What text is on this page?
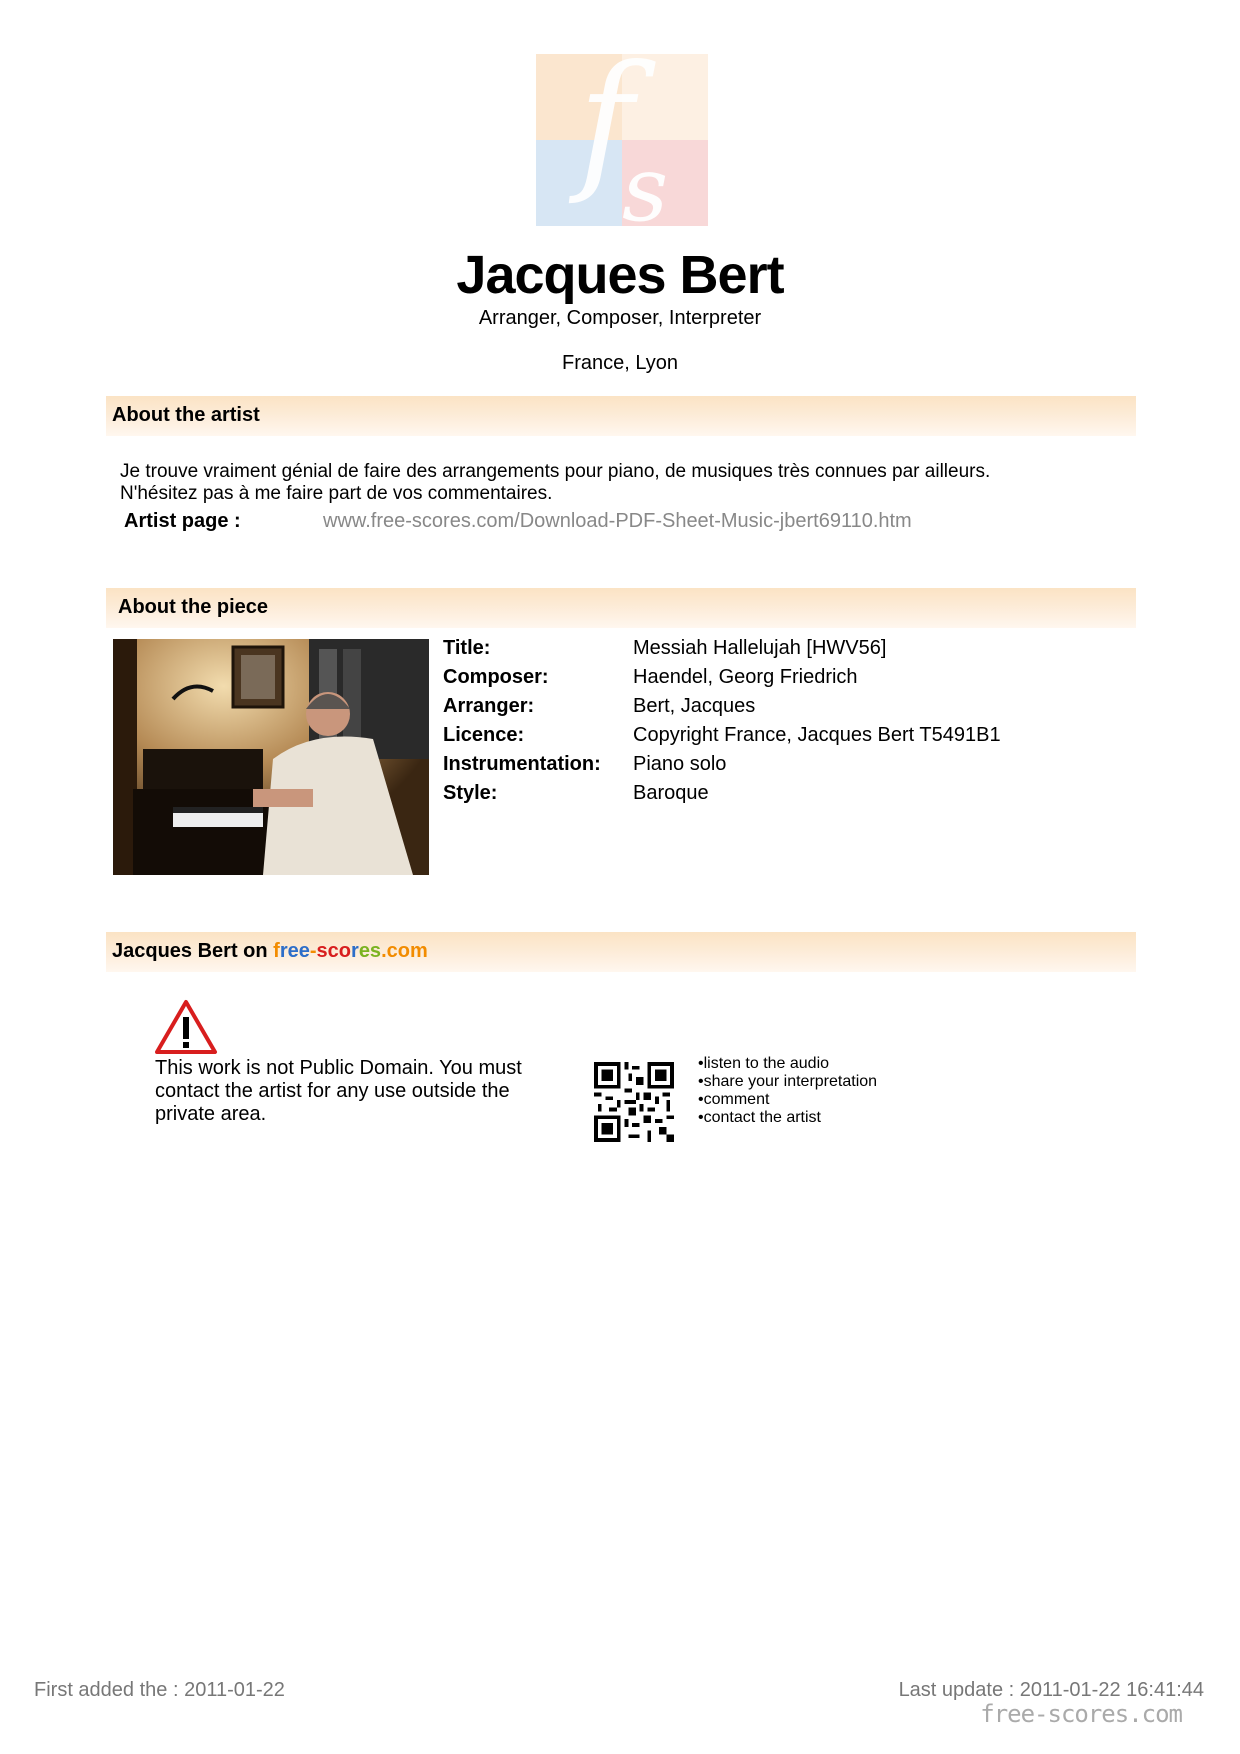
f
s
Jacques Bert
Arranger, Composer, Interpreter
France, Lyon
About the artist
Je trouve vraiment génial de faire des arrangements pour piano, de musiques très connues par ailleurs.
N'hésitez pas à me faire part de vos commentaires.
Artist page :	www.free-scores.com/Download-PDF-Sheet-Music-jbert69110.htm
About the piece
Title:	Messiah Hallelujah [HWV56]
Composer:	Haendel, Georg Friedrich
Arranger:	Bert, Jacques
Licence:	Copyright France, Jacques Bert T5491B1
Instrumentation: Piano solo
Style:	Baroque
Jacques Bert on free-scores.com
This work is not Public Domain. You must contact the artist for any use outside the private area.
• listen to the audio
• share your interpretation
• comment
• contact the artist
First added the : 2011-01-22	Last update : 2011-01-22 16:41:44
free-scores.com
